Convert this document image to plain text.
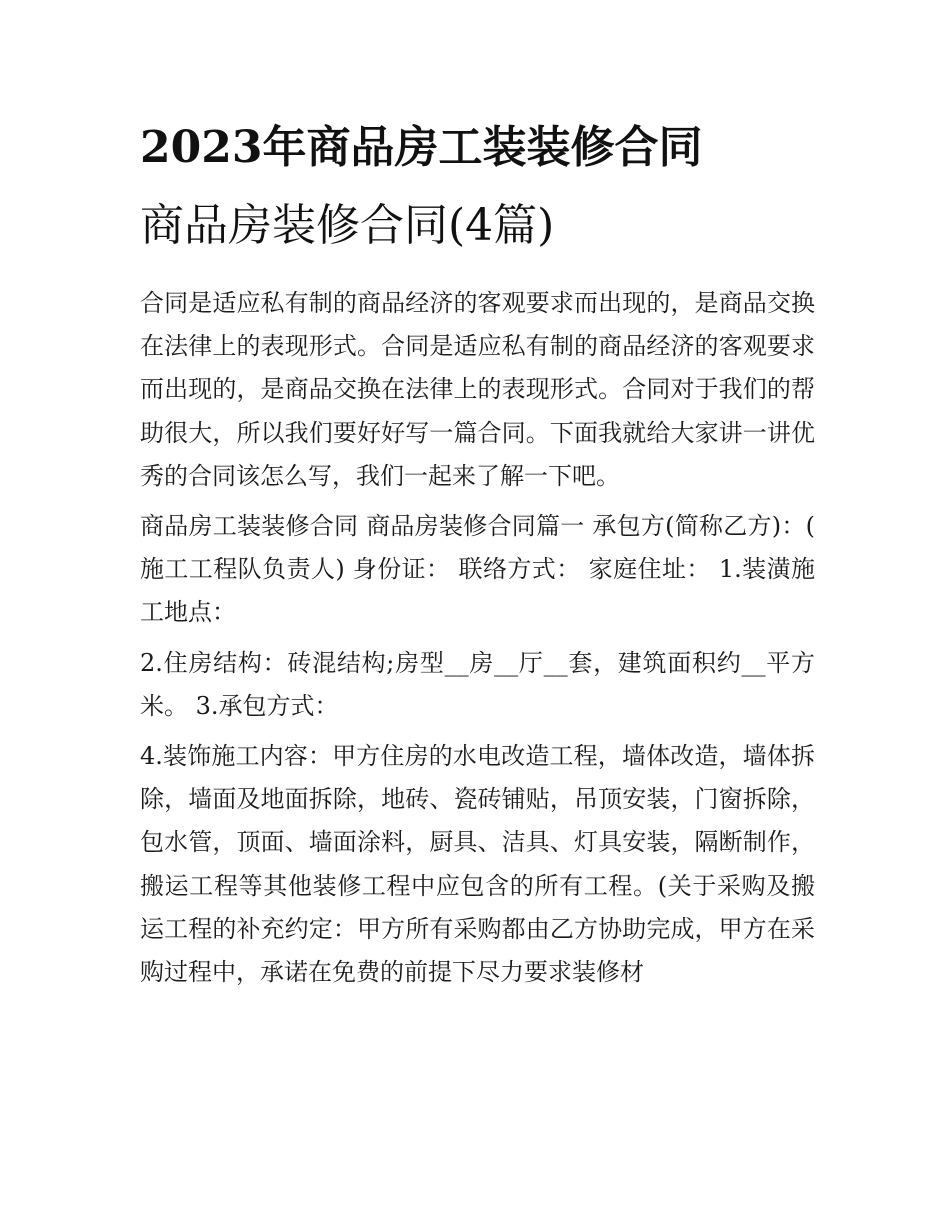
2023年商品房工装装修合同
商品房装修合同(4篇)

合同是适应私有制的商品经济的客观要求而出现的，是商品交换在法律上的表现形式。合同是适应私有制的商品经济的客观要求而出现的，是商品交换在法律上的表现形式。合同对于我们的帮助很大，所以我们要好好写一篇合同。下面我就给大家讲一讲优秀的合同该怎么写，我们一起来了解一下吧。

商品房工装装修合同 商品房装修合同篇一 承包方(简称乙方)：(施工工程队负责人) 身份证： 联络方式： 家庭住址： 1.装潢施工地点：

2.住房结构：砖混结构;房型__房__厅__套，建筑面积约__平方米。 3.承包方式：

4.装饰施工内容：甲方住房的水电改造工程，墙体改造，墙体拆除，墙面及地面拆除，地砖、瓷砖铺贴，吊顶安装，门窗拆除，包水管，顶面、墙面涂料，厨具、洁具、灯具安装，隔断制作，搬运工程等其他装修工程中应包含的所有工程。(关于采购及搬运工程的补充约定：甲方所有采购都由乙方协助完成，甲方在采购过程中，承诺在免费的前提下尽力要求装修材
